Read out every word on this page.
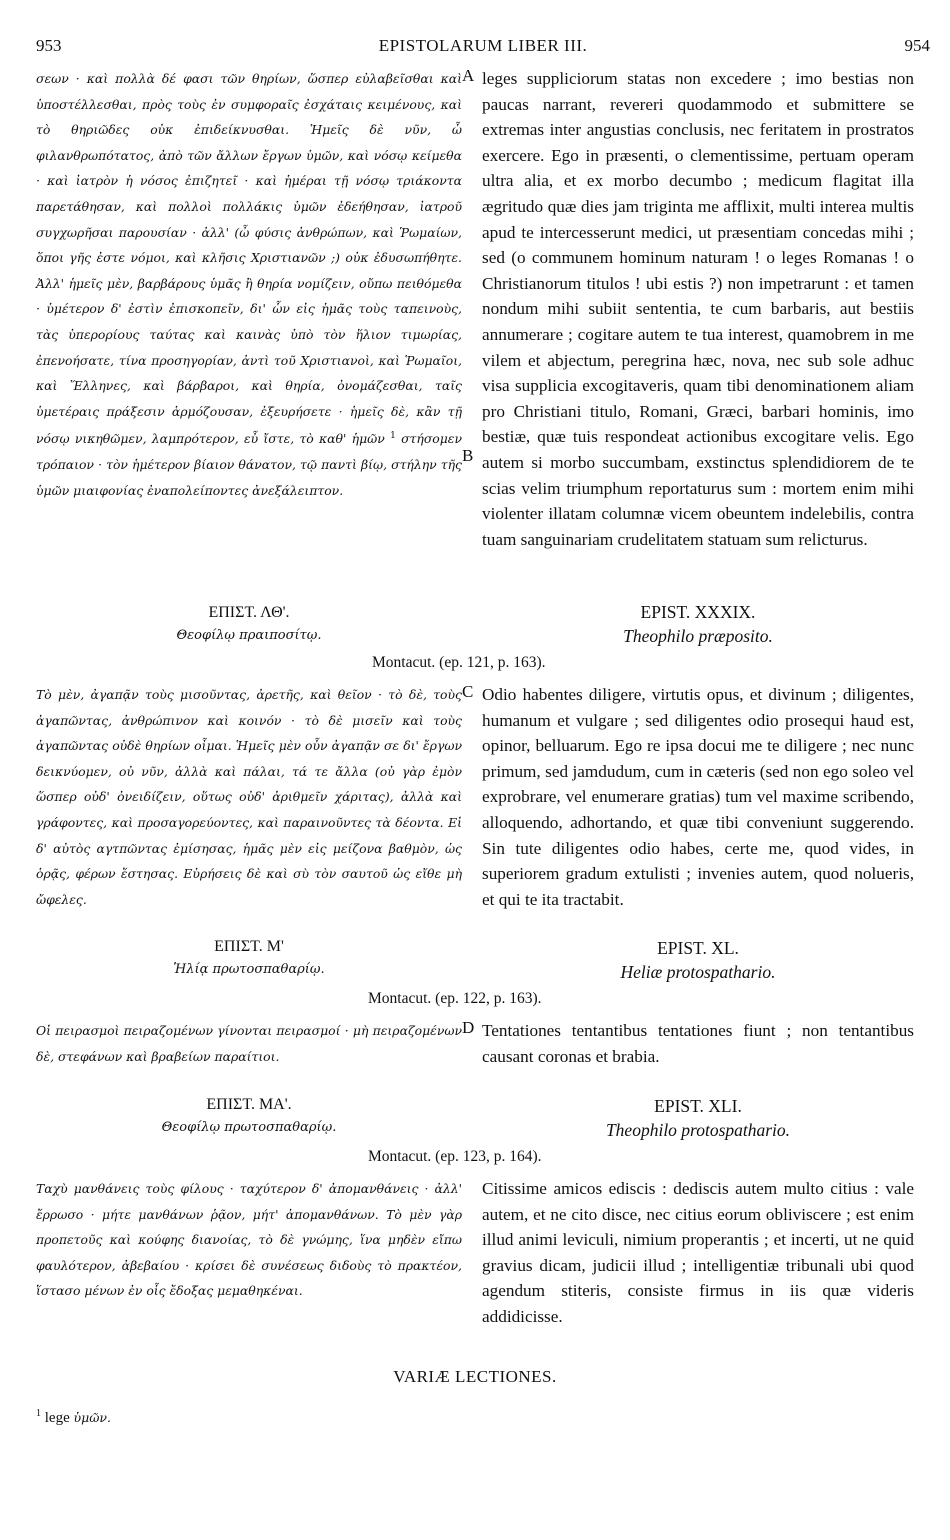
953	EPISTOLARUM LIBER III.	954

σεων · καὶ πολλὰ δέ φασι τῶν θηρίων, ὥσπερ εὐλαβεῖσθαι καὶ ὑποστέλλεσθαι, πρὸς τοὺς ἐν συμφοραῖς ἐσχάταις κειμένους, καὶ τὸ θηριῶδες οὐκ ἐπιδείκνυσθαι. Ἡμεῖς δὲ νῦν, ὦ φιλανθρωπότατος, ἀπὸ τῶν ἄλλων ἔργων ὑμῶν, καὶ νόσῳ κείμεθα · καὶ ἰατρὸν ἡ νόσος ἐπιζητεῖ · καὶ ἡμέραι τῇ νόσῳ τριάκοντα παρετάθησαν, καὶ πολλοὶ πολλάκις ὑμῶν ἐδεήθησαν, ἰατροῦ συγχωρῆσαι παρουσίαν · ἀλλ' (ὦ φύσις ἀνθρώπων, καὶ Ῥωμαίων, ὅποι γῆς ἐστε νόμοι, καὶ κλῆσις Χριστιανῶν ;) οὐκ ἐδυσωπήθητε. Ἀλλ' ἡμεῖς μὲν, βαρβάρους ὑμᾶς ἢ θηρία νομίζειν, οὔπω πειθόμεθα · ὑμέτερον δ' ἐστὶν ἐπισκοπεῖν, δι' ὧν εἰς ἡμᾶς τοὺς ταπεινοὺς, τὰς ὑπερορίους ταύτας καὶ καινὰς ὑπὸ τὸν ἥλιον τιμωρίας, ἐπενοήσατε, τίνα προσηγορίαν, ἀντὶ τοῦ Χριστιανοὶ, καὶ Ῥωμαῖοι, καὶ Ἕλληνες, καὶ βάρβαροι, καὶ θηρία, ὀνομάζεσθαι, ταῖς ὑμετέραις πράξεσιν ἁρμόζουσαν, ἐξευρήσετε · ἡμεῖς δὲ, κἂν τῇ νόσῳ νικηθῶμεν, λαμπρότερον, εὖ ἴστε, τὸ καθ' ἡμῶν $^1$ στήσομεν τρόπαιον · τὸν ἡμέτερον βίαιον θάνατον, τῷ παντὶ βίῳ, στήλην τῆς ὑμῶν μιαιφονίας ἐναπολείποντες ἀνεξάλειπτον.

A
B

leges suppliciorum statas non excedere ; imo bestias non paucas narrant, revereri quodammodo et submittere se extremas inter angustias conclusis, nec feritatem in prostratos exercere. Ego in præsenti, o clementissime, pertuam operam ultra alia, et ex morbo decumbo ; medicum flagitat illa ægritudo quæ dies jam triginta me afflixit, multi interea multis apud te intercesserunt medici, ut præsentiam concedas mihi ; sed (o communem hominum naturam ! o leges Romanas ! o Christianorum titulos ! ubi estis ?) non impetrarunt : et tamen nondum mihi subiit sententia, te cum barbaris, aut bestiis annumerare ; cogitare autem te tua interest, quamobrem in me vilem et abjectum, peregrina hæc, nova, nec sub sole adhuc visa supplicia excogitaveris, quam tibi denominationem aliam pro Christiani titulo, Romani, Græci, barbari hominis, imo bestiæ, quæ tuis respondeat actionibus excogitare velis. Ego autem si morbo succumbam, exstinctus splendidiorem de te scias velim triumphum reportaturus sum : mortem enim mihi violenter illatam columnæ vicem obeuntem indelebilis, contra tuam sanguinariam crudelitatem statuam sum relicturus.

ΕΠΙΣΤ. ΛΘ'.
Θεοφίλῳ πραιποσίτῳ.
EPIST. XXXIX.
Theophilo præposito.
Montacut. (ep. 121, p. 163).

Τὸ μὲν, ἀγαπᾷν τοὺς μισοῦντας, ἀρετῆς, καὶ θεῖον · τὸ δὲ, τοὺς ἀγαπῶντας, ἀνθρώπινον καὶ κοινόν · τὸ δὲ μισεῖν καὶ τοὺς ἀγαπῶντας οὐδὲ θηρίων οἶμαι. Ἡμεῖς μὲν οὖν ἀγαπᾷν σε δι' ἔργων δεικνύομεν, οὐ νῦν, ἀλλὰ καὶ πάλαι, τά τε ἄλλα (οὐ γὰρ ἐμὸν ὥσπερ οὐδ' ὀνειδίζειν, οὕτως οὐδ' ἀριθμεῖν χάριτας), ἀλλὰ καὶ γράφοντες, καὶ προσαγορεύοντες, καὶ παραινοῦντες τὰ δέοντα. Εἰ δ' αὐτὸς αγτπῶντας ἐμίσησας, ἡμᾶς μὲν εἰς μείζονα βαθμὸν, ὡς ὁρᾷς, φέρων ἔστησας. Εὑρήσεις δὲ καὶ σὺ τὸν σαυτοῦ ὡς εἴθε μὴ ὤφελες.

C Odio habentes diligere, virtutis opus, et divinum ; diligentes, humanum et vulgare ; sed diligentes odio prosequi haud est, opinor, belluarum. Ego re ipsa docui me te diligere ; nec nunc primum, sed jamdudum, cum in cæteris (sed non ego soleo vel exprobrare, vel enumerare gratias) tum vel maxime scribendo, alloquendo, adhortando, et quæ tibi conveniunt suggerendo. Sin tute diligentes odio habes, certe me, quod vides, in superiorem gradum extulisti ; invenies autem, quod nolueris, et qui te ita tractabit.

ΕΠΙΣΤ. Μ'
Ἡλίᾳ πρωτοσπαθαρίῳ.
EPIST. XL.
Heliæ protospathario.
Montacut. (ep. 122, p. 163).

Οἱ πειρασμοὶ πειραζομένων γίνονται πειρασμοί · μὴ πειραζομένων δὲ, στεφάνων καὶ βραβείων παραίτιοι.

D Tentationes tentantibus tentationes fiunt ; non tentantibus causant coronas et brabia.

ΕΠΙΣΤ. ΜΑ'.
Θεοφίλῳ πρωτοσπαθαρίῳ.
EPIST. XLI.
Theophilo protospathario.
Montacut. (ep. 123, p. 164).

Ταχὺ μανθάνεις τοὺς φίλους · ταχύτερον δ' ἀπομανθάνεις · ἀλλ' ἔρρωσο · μήτε μανθάνων ῥᾷον, μήτ' ἀπομανθάνων. Τὸ μὲν γὰρ προπετοῦς καὶ κούφης διανοίας, τὸ δὲ γνώμης, ἵνα μηδὲν εἴπω φαυλότερον, ἀβεβαίου · κρίσει δὲ συνέσεως διδοὺς τὸ πρακτέον, ἵστασο μένων ἐν οἷς ἔδοξας μεμαθηκέναι.

Citissime amicos ediscis : dediscis autem multo citius : vale autem, et ne cito disce, nec citius eorum obliviscere ; est enim illud animi leviculi, nimium properantis ; et incerti, ut ne quid gravius dicam, judicii illud ; intelligentiæ tribunali ubi quod agendum stiteris, consiste firmus in iis quæ videris addidicisse.

VARIÆ LECTIONES.
$^1$ lege ὑμῶν.
